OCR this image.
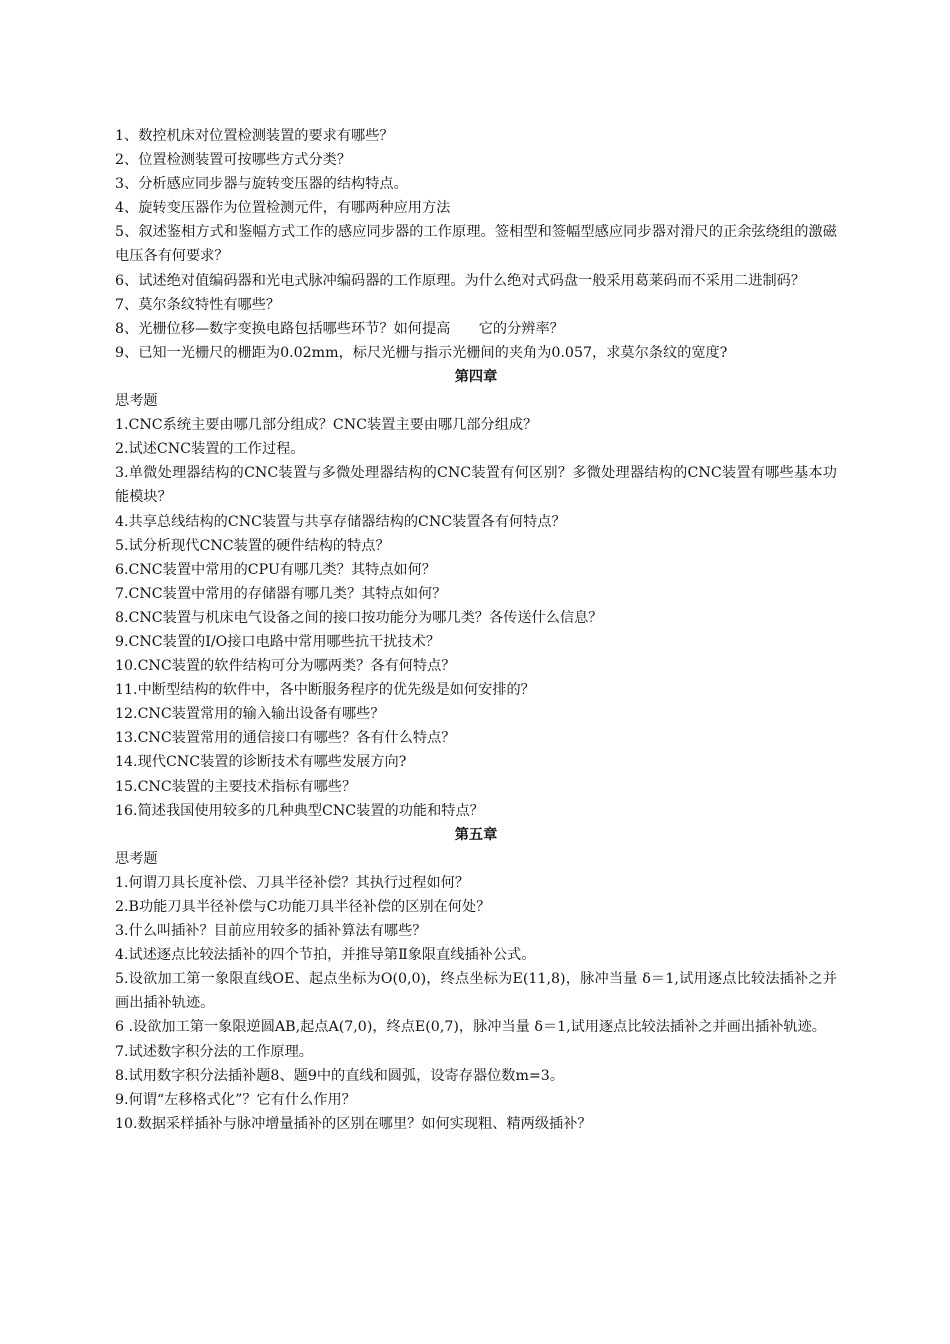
1、数控机床对位置检测装置的要求有哪些？

2、位置检测装置可按哪些方式分类？

3、分析感应同步器与旋转变压器的结构特点。

4、旋转变压器作为位置检测元件，有哪两种应用方法

5、叙述鉴相方式和鉴幅方式工作的感应同步器的工作原理。签相型和签幅型感应同步器对滑尺的正余弦绕组的激磁电压各有何要求？

6、试述绝对值编码器和光电式脉冲编码器的工作原理。为什么绝对式码盘一般采用葛莱码而不采用二进制码？

7、莫尔条纹特性有哪些？

8、光栅位移—数字变换电路包括哪些环节？如何提高　　它的分辨率？

9、已知一光栅尺的栅距为0.02mm，标尺光栅与指示光栅间的夹角为0.057，求莫尔条纹的宽度?

第四章

思考题

1.CNC系统主要由哪几部分组成？CNC装置主要由哪几部分组成？

2.试述CNC装置的工作过程。

3.单微处理器结构的CNC装置与多微处理器结构的CNC装置有何区别？多微处理器结构的CNC装置有哪些基本功能模块？

4.共享总线结构的CNC装置与共享存储器结构的CNC装置各有何特点？

5.试分析现代CNC装置的硬件结构的特点？

6.CNC装置中常用的CPU有哪几类？其特点如何？

7.CNC装置中常用的存储器有哪几类？其特点如何？

8.CNC装置与机床电气设备之间的接口按功能分为哪几类？各传送什么信息？

9.CNC装置的I/O接口电路中常用哪些抗干扰技术？

10.CNC装置的软件结构可分为哪两类？各有何特点？

11.中断型结构的软件中，各中断服务程序的优先级是如何安排的？

12.CNC装置常用的输入输出设备有哪些？

13.CNC装置常用的通信接口有哪些？各有什么特点？

14.现代CNC装置的诊断技术有哪些发展方向?

15.CNC装置的主要技术指标有哪些？

16.简述我国使用较多的几种典型CNC装置的功能和特点？

第五章

思考题

1.何谓刀具长度补偿、刀具半径补偿？其执行过程如何？

2.B功能刀具半径补偿与C功能刀具半径补偿的区别在何处？

3.什么叫插补？目前应用较多的插补算法有哪些？

4.试述逐点比较法插补的四个节拍，并推导第Ⅱ象限直线插补公式。

5.设欲加工第一象限直线OE、起点坐标为O(0,0)，终点坐标为E(11,8)，脉冲当量 δ＝1,试用逐点比较法插补之并画出插补轨迹。

6 .设欲加工第一象限逆圆AB,起点A(7,0)，终点E(0,7)，脉冲当量 δ＝1,试用逐点比较法插补之并画出插补轨迹。

7.试述数字积分法的工作原理。

8.试用数字积分法插补题8、题9中的直线和圆弧，设寄存器位数m=3。

9.何谓“左移格式化”？它有什么作用？

10.数据采样插补与脉冲增量插补的区别在哪里？如何实现粗、精两级插补？
